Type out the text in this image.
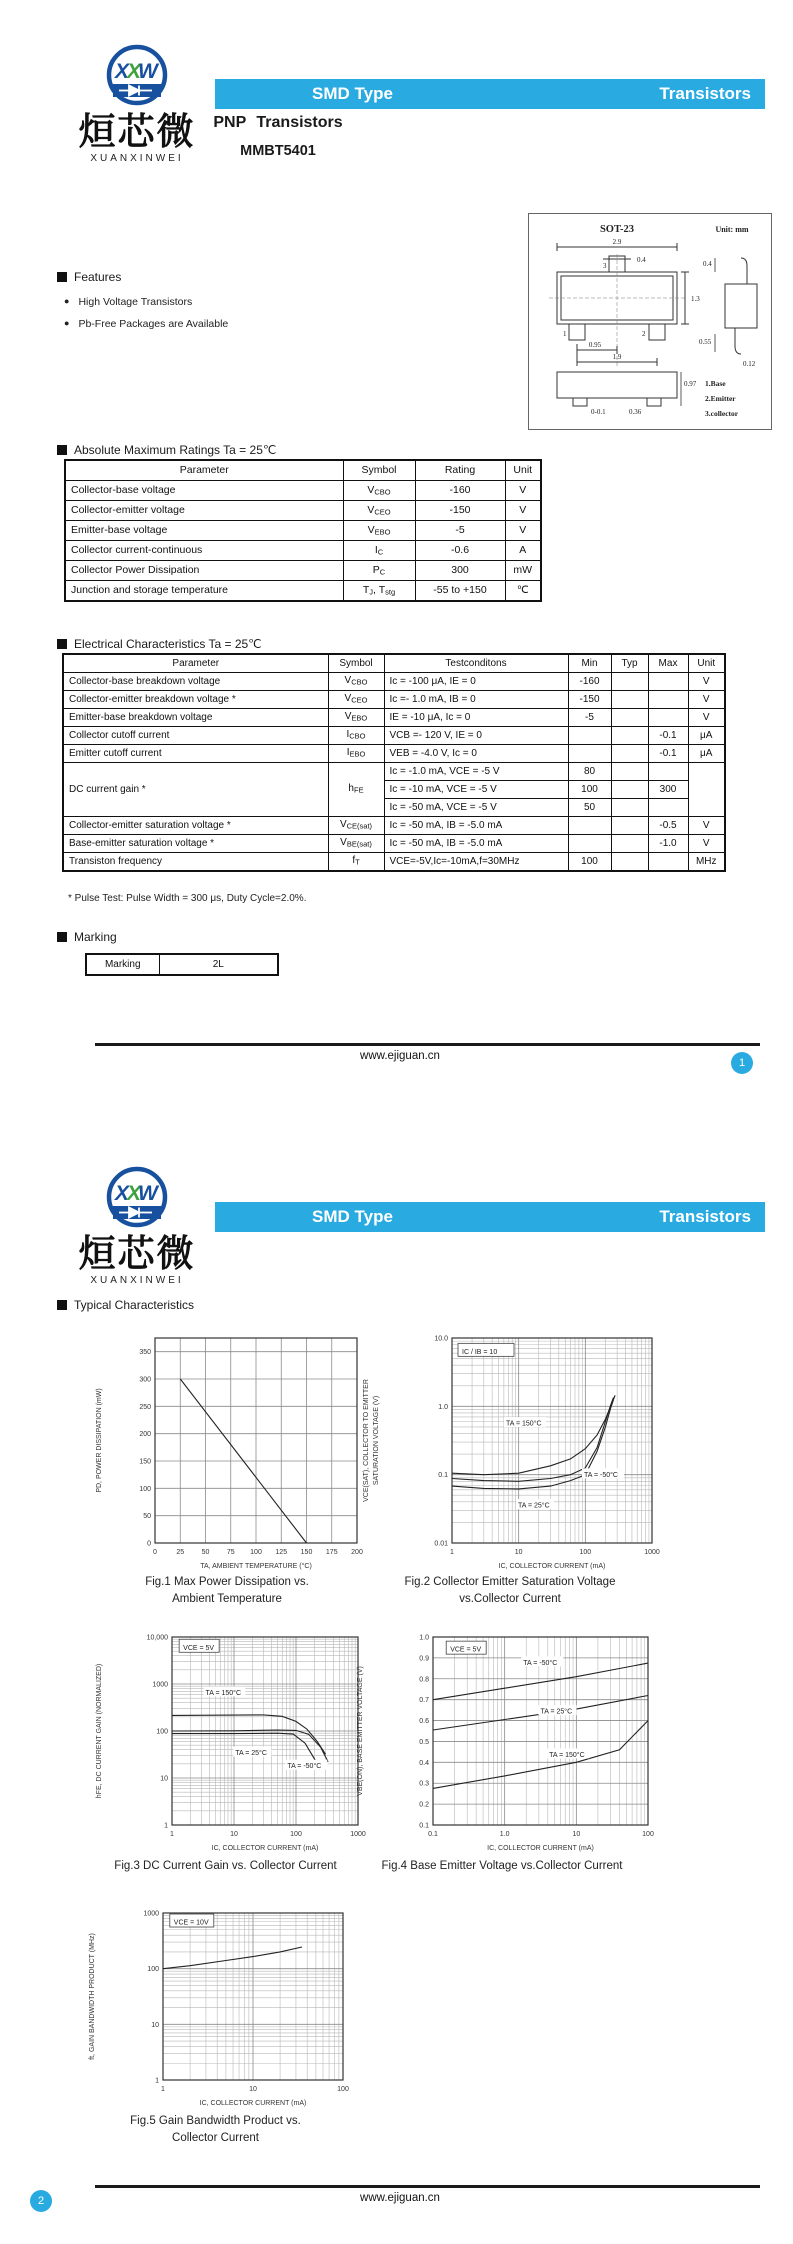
X
X
W
烜芯微
XUANXINWEI
SMD Type	Transistors
PNP Transistors
MMBT5401
SOT-23	Unit: mm
2.9
0.4
1.3
0.95
1.9
0.4
0.55
0.12
0.97
0-0.1	0.36
3
1	2
1.Base
2.Emitter
3.collector
Features
● High Voltage Transistors
● Pb-Free Packages are Available
Absolute Maximum Ratings Ta = 25℃
Parameter	Symbol	Rating	Unit
Collector-base voltage	$V_{CBO}$	-160	V
Collector-emitter voltage	$V_{CEO}$	-150	V
Emitter-base voltage	$V_{EBO}$	-5	V
Collector current-continuous	$I_C$	-0.6	A
Collector Power Dissipation	$P_C$	300	mW
Junction and storage temperature	$T_J$, $T_{stg}$	-55 to +150	℃
Electrical Characteristics Ta = 25℃
Parameter	Symbol	Testconditons	Min	Typ	Max	Unit
Collector-base breakdown voltage	$V_{CBO}$	Ic = -100 μA, IE = 0	-160			V
Collector-emitter breakdown voltage *	$V_{CEO}$	Ic =- 1.0 mA, IB = 0	-150			V
Emitter-base breakdown voltage	$V_{EBO}$	IE = -10 μA, Ic = 0	-5			V
Collector cutoff current	$I_{CBO}$	VCB =- 120 V, IE = 0			-0.1	μA
Emitter cutoff current	$I_{EBO}$	VEB = -4.0 V, Ic = 0			-0.1	μA
DC current gain *	$h_{FE}$	Ic = -1.0 mA, VCE = -5 V	80			
		Ic = -10 mA, VCE = -5 V	100		300	
		Ic = -50 mA, VCE = -5 V	50			
Collector-emitter saturation voltage *	$V_{CE(sat)}$	Ic = -50 mA, IB = -5.0 mA			-0.5	V
Base-emitter saturation voltage *	$V_{BE(sat)}$	Ic = -50 mA, IB = -5.0 mA			-1.0	V
Transiston frequency	$f_T$	VCE=-5V,Ic=-10mA,f=30MHz	100			MHz
* Pulse Test: Pulse Width = 300 μs, Duty Cycle=2.0%.
Marking
Marking	2L
www.ejiguan.cn
1
X
X
W
烜芯微
XUANXINWEI
SMD Type	Transistors
Typical Characteristics
0	25 50 75 100 125 150 175 200
0
50
100
150
200
250
300
350
TA, AMBIENT TEMPERATURE (°C)
PD, POWER DISSIPATION (mW)
Fig.1 Max Power Dissipation vs.
Ambient Temperature
1	10	100	1000
0.01
0.1
1.0
10.0
IC, COLLECTOR CURRENT (mA)
VCE(SAT), COLLECTOR TO EMITTER SATURATION VOLTAGE (V)
IC / IB = 10
TA = 150°C
TA = -50°C
TA = 25°C
Fig.2 Collector Emitter Saturation Voltage
vs.Collector Current
1	10	100	1000
1
10
100
1000
10,000
IC, COLLECTOR CURRENT (mA)
hFE, DC CURRENT GAIN (NORMALIZED)
VCE = 5V
TA = 150°C
TA = 25°C
TA = -50°C
Fig.3 DC Current Gain vs. Collector Current
0.1	1.0	10	100
0.1
0.2
0.3
0.4
0.5
0.6
0.7
0.8
0.9
1.0
IC, COLLECTOR CURRENT (mA)
VBE(ON), BASE EMITTER VOLTAGE (V)
VCE = 5V
TA = -50°C
TA = 25°C
TA = 150°C
Fig.4 Base Emitter Voltage vs.Collector Current
1	10	100
1
10
100
1000
IC, COLLECTOR CURRENT (mA)
ft, GAIN BANDWIDTH PRODUCT (MHz)
VCE = 10V
Fig.5 Gain Bandwidth Product vs.
Collector Current
www.ejiguan.cn
2
